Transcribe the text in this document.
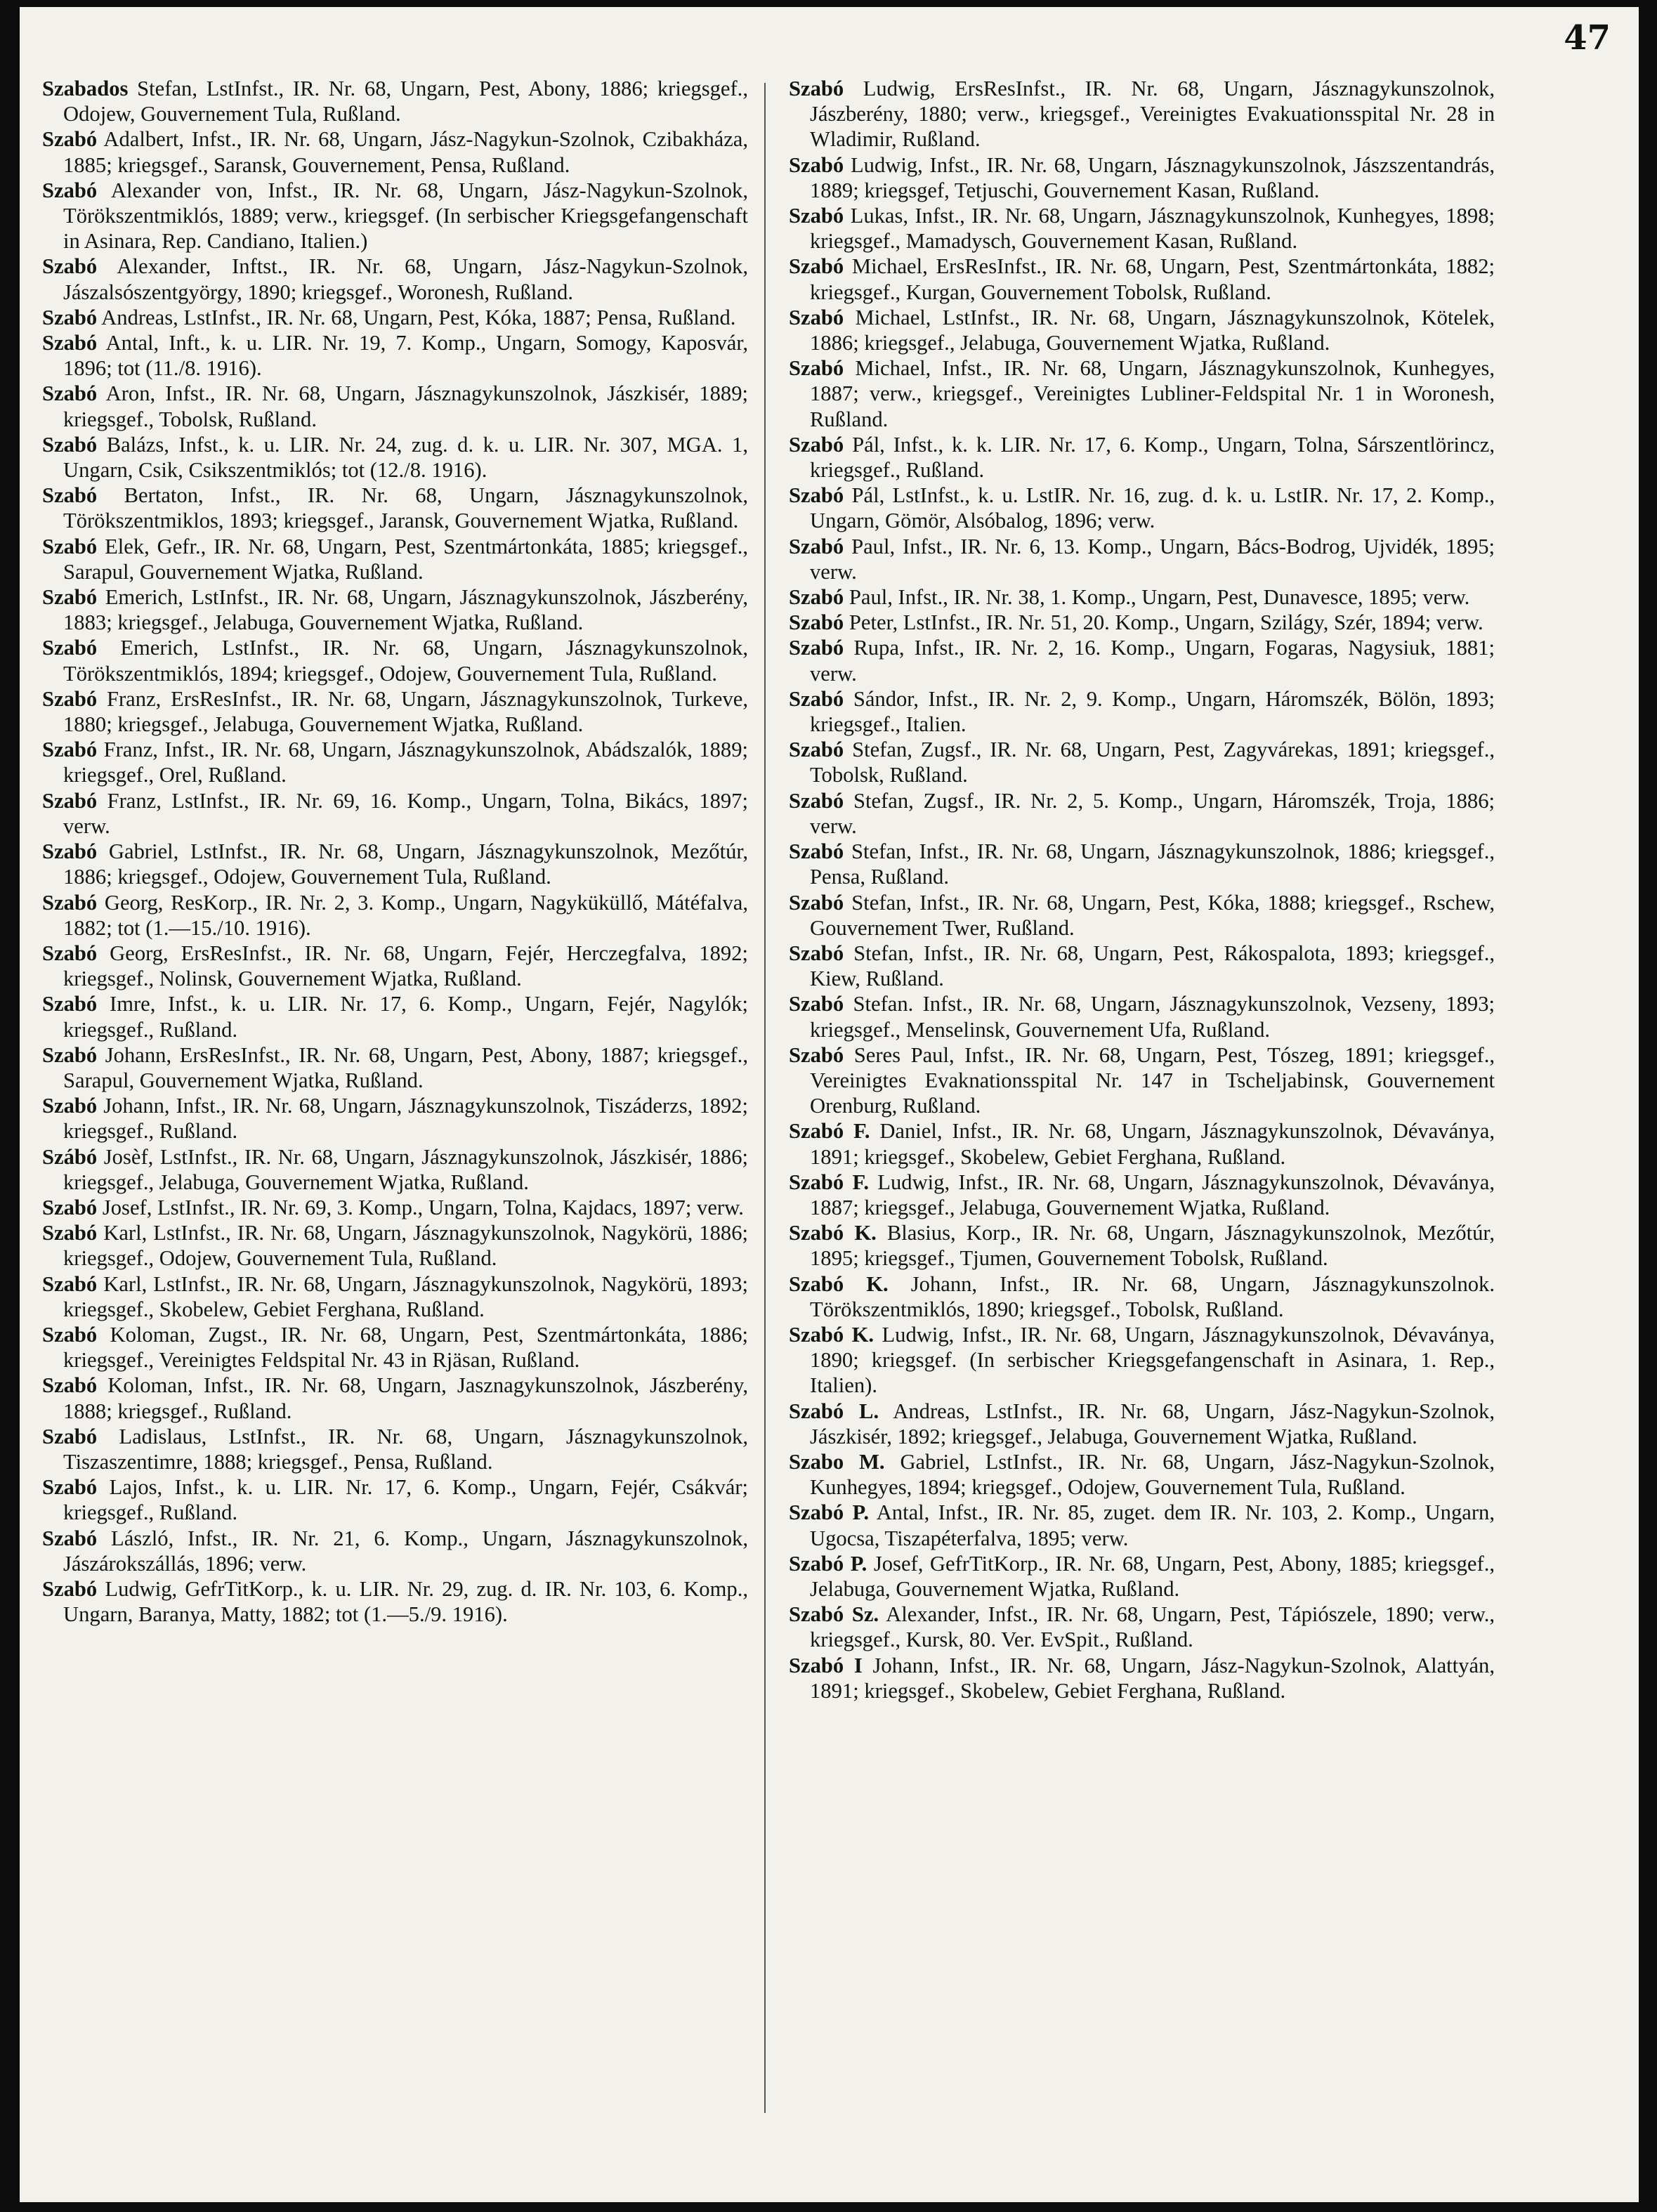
47

Szabados Stefan, LstInfst., IR. Nr. 68, Ungarn, Pest, Abony, 1886; kriegsgef., Odojew, Gouvernement Tula, Rußland.

Szabó Adalbert, Infst., IR. Nr. 68, Ungarn, Jász-Nagykun-Szolnok, Czibakháza, 1885; kriegsgef., Saransk, Gouvernement, Pensa, Rußland.

Szabó Alexander von, Infst., IR. Nr. 68, Ungarn, Jász-Nagykun-Szolnok, Törökszentmiklós, 1889; verw., kriegsgef. (In serbischer Kriegsgefangenschaft in Asinara, Rep. Candiano, Italien.)

Szabó Alexander, Inftst., IR. Nr. 68, Ungarn, Jász-Nagykun-Szolnok, Jászalsószentgyörgy, 1890; kriegsgef., Woronesh, Rußland.

Szabó Andreas, LstInfst., IR. Nr. 68, Ungarn, Pest, Kóka, 1887; Pensa, Rußland.

Szabó Antal, Inft., k. u. LIR. Nr. 19, 7. Komp., Ungarn, Somogy, Kaposvár, 1896; tot (11./8. 1916).

Szabó Aron, Infst., IR. Nr. 68, Ungarn, Jásznagykunszolnok, Jászkisér, 1889; kriegsgef., Tobolsk, Rußland.

Szabó Balázs, Infst., k. u. LIR. Nr. 24, zug. d. k. u. LIR. Nr. 307, MGA. 1, Ungarn, Csik, Csikszentmiklós; tot (12./8. 1916).

Szabó Bertaton, Infst., IR. Nr. 68, Ungarn, Jásznagykunszolnok, Törökszentmiklos, 1893; kriegsgef., Jaransk, Gouvernement Wjatka, Rußland.

Szabó Elek, Gefr., IR. Nr. 68, Ungarn, Pest, Szentmártonkáta, 1885; kriegsgef., Sarapul, Gouvernement Wjatka, Rußland.

Szabó Emerich, LstInfst., IR. Nr. 68, Ungarn, Jásznagykunszolnok, Jászberény, 1883; kriegsgef., Jelabuga, Gouvernement Wjatka, Rußland.

Szabó Emerich, LstInfst., IR. Nr. 68, Ungarn, Jásznagykunszolnok, Törökszentmiklós, 1894; kriegsgef., Odojew, Gouvernement Tula, Rußland.

Szabó Franz, ErsResInfst., IR. Nr. 68, Ungarn, Jásznagykunszolnok, Turkeve, 1880; kriegsgef., Jelabuga, Gouvernement Wjatka, Rußland.

Szabó Franz, Infst., IR. Nr. 68, Ungarn, Jásznagykunszolnok, Abádszalók, 1889; kriegsgef., Orel, Rußland.

Szabó Franz, LstInfst., IR. Nr. 69, 16. Komp., Ungarn, Tolna, Bikács, 1897; verw.

Szabó Gabriel, LstInfst., IR. Nr. 68, Ungarn, Jásznagykunszolnok, Mezőtúr, 1886; kriegsgef., Odojew, Gouvernement Tula, Rußland.

Szabó Georg, ResKorp., IR. Nr. 2, 3. Komp., Ungarn, Nagyküküllő, Mátéfalva, 1882; tot (1.—15./10. 1916).

Szabó Georg, ErsResInfst., IR. Nr. 68, Ungarn, Fejér, Herczegfalva, 1892; kriegsgef., Nolinsk, Gouvernement Wjatka, Rußland.

Szabó Imre, Infst., k. u. LIR. Nr. 17, 6. Komp., Ungarn, Fejér, Nagylók; kriegsgef., Rußland.

Szabó Johann, ErsResInfst., IR. Nr. 68, Ungarn, Pest, Abony, 1887; kriegsgef., Sarapul, Gouvernement Wjatka, Rußland.

Szabó Johann, Infst., IR. Nr. 68, Ungarn, Jásznagykunszolnok, Tiszáderzs, 1892; kriegsgef., Rußland.

Szábó Josèf, LstInfst., IR. Nr. 68, Ungarn, Jásznagykunszolnok, Jászkisér, 1886; kriegsgef., Jelabuga, Gouvernement Wjatka, Rußland.

Szabó Josef, LstInfst., IR. Nr. 69, 3. Komp., Ungarn, Tolna, Kajdacs, 1897; verw.

Szabó Karl, LstInfst., IR. Nr. 68, Ungarn, Jásznagykunszolnok, Nagykörü, 1886; kriegsgef., Odojew, Gouvernement Tula, Rußland.

Szabó Karl, LstInfst., IR. Nr. 68, Ungarn, Jásznagykunszolnok, Nagykörü, 1893; kriegsgef., Skobelew, Gebiet Ferghana, Rußland.

Szabó Koloman, Zugst., IR. Nr. 68, Ungarn, Pest, Szentmártonkáta, 1886; kriegsgef., Vereinigtes Feldspital Nr. 43 in Rjäsan, Rußland.

Szabó Koloman, Infst., IR. Nr. 68, Ungarn, Jasznagykunszolnok, Jászberény, 1888; kriegsgef., Rußland.

Szabó Ladislaus, LstInfst., IR. Nr. 68, Ungarn, Jásznagykunszolnok, Tiszaszentimre, 1888; kriegsgef., Pensa, Rußland.

Szabó Lajos, Infst., k. u. LIR. Nr. 17, 6. Komp., Ungarn, Fejér, Csákvár; kriegsgef., Rußland.

Szabó László, Infst., IR. Nr. 21, 6. Komp., Ungarn, Jásznagykunszolnok, Jászárokszállás, 1896; verw.

Szabó Ludwig, GefrTitKorp., k. u. LIR. Nr. 29, zug. d. IR. Nr. 103, 6. Komp., Ungarn, Baranya, Matty, 1882; tot (1.—5./9. 1916).

Szabó Ludwig, ErsResInfst., IR. Nr. 68, Ungarn, Jásznagykunszolnok, Jászberény, 1880; verw., kriegsgef., Vereinigtes Evakuationsspital Nr. 28 in Wladimir, Rußland.

Szabó Ludwig, Infst., IR. Nr. 68, Ungarn, Jásznagykunszolnok, Jászszentandrás, 1889; kriegsgef, Tetjuschi, Gouvernement Kasan, Rußland.

Szabó Lukas, Infst., IR. Nr. 68, Ungarn, Jásznagykunszolnok, Kunhegyes, 1898; kriegsgef., Mamadysch, Gouvernement Kasan, Rußland.

Szabó Michael, ErsResInfst., IR. Nr. 68, Ungarn, Pest, Szentmártonkáta, 1882; kriegsgef., Kurgan, Gouvernement Tobolsk, Rußland.

Szabó Michael, LstInfst., IR. Nr. 68, Ungarn, Jásznagykunszolnok, Kötelek, 1886; kriegsgef., Jelabuga, Gouvernement Wjatka, Rußland.

Szabó Michael, Infst., IR. Nr. 68, Ungarn, Jásznagykunszolnok, Kunhegyes, 1887; verw., kriegsgef., Vereinigtes Lubliner-Feldspital Nr. 1 in Woronesh, Rußland.

Szabó Pál, Infst., k. k. LIR. Nr. 17, 6. Komp., Ungarn, Tolna, Sárszentlörincz, kriegsgef., Rußland.

Szabó Pál, LstInfst., k. u. LstIR. Nr. 16, zug. d. k. u. LstIR. Nr. 17, 2. Komp., Ungarn, Gömör, Alsóbalog, 1896; verw.

Szabó Paul, Infst., IR. Nr. 6, 13. Komp., Ungarn, Bács-Bodrog, Ujvidék, 1895; verw.

Szabó Paul, Infst., IR. Nr. 38, 1. Komp., Ungarn, Pest, Dunavesce, 1895; verw.

Szabó Peter, LstInfst., IR. Nr. 51, 20. Komp., Ungarn, Szilágy, Szér, 1894; verw.

Szabó Rupa, Infst., IR. Nr. 2, 16. Komp., Ungarn, Fogaras, Nagysiuk, 1881; verw.

Szabó Sándor, Infst., IR. Nr. 2, 9. Komp., Ungarn, Háromszék, Bölön, 1893; kriegsgef., Italien.

Szabó Stefan, Zugsf., IR. Nr. 68, Ungarn, Pest, Zagyvárekas, 1891; kriegsgef., Tobolsk, Rußland.

Szabó Stefan, Zugsf., IR. Nr. 2, 5. Komp., Ungarn, Háromszék, Troja, 1886; verw.

Szabó Stefan, Infst., IR. Nr. 68, Ungarn, Jásznagykunszolnok, 1886; kriegsgef., Pensa, Rußland.

Szabó Stefan, Infst., IR. Nr. 68, Ungarn, Pest, Kóka, 1888; kriegsgef., Rschew, Gouvernement Twer, Rußland.

Szabó Stefan, Infst., IR. Nr. 68, Ungarn, Pest, Rákospalota, 1893; kriegsgef., Kiew, Rußland.

Szabó Stefan. Infst., IR. Nr. 68, Ungarn, Jásznagykunszolnok, Vezseny, 1893; kriegsgef., Menselinsk, Gouvernement Ufa, Rußland.

Szabó Seres Paul, Infst., IR. Nr. 68, Ungarn, Pest, Tószeg, 1891; kriegsgef., Vereinigtes Evaknationsspital Nr. 147 in Tscheljabinsk, Gouvernement Orenburg, Rußland.

Szabó F. Daniel, Infst., IR. Nr. 68, Ungarn, Jásznagykunszolnok, Dévaványa, 1891; kriegsgef., Skobelew, Gebiet Ferghana, Rußland.

Szabó F. Ludwig, Infst., IR. Nr. 68, Ungarn, Jásznagykunszolnok, Dévaványa, 1887; kriegsgef., Jelabuga, Gouvernement Wjatka, Rußland.

Szabó K. Blasius, Korp., IR. Nr. 68, Ungarn, Jásznagykunszolnok, Mezőtúr, 1895; kriegsgef., Tjumen, Gouvernement Tobolsk, Rußland.

Szabó K. Johann, Infst., IR. Nr. 68, Ungarn, Jásznagykunszolnok. Törökszentmiklós, 1890; kriegsgef., Tobolsk, Rußland.

Szabó K. Ludwig, Infst., IR. Nr. 68, Ungarn, Jásznagykunszolnok, Dévaványa, 1890; kriegsgef. (In serbischer Kriegsgefangenschaft in Asinara, 1. Rep., Italien).

Szabó L. Andreas, LstInfst., IR. Nr. 68, Ungarn, Jász-Nagykun-Szolnok, Jászkisér, 1892; kriegsgef., Jelabuga, Gouvernement Wjatka, Rußland.

Szabo M. Gabriel, LstInfst., IR. Nr. 68, Ungarn, Jász-Nagykun-Szolnok, Kunhegyes, 1894; kriegsgef., Odojew, Gouvernement Tula, Rußland.

Szabó P. Antal, Infst., IR. Nr. 85, zuget. dem IR. Nr. 103, 2. Komp., Ungarn, Ugocsa, Tiszapéterfalva, 1895; verw.

Szabó P. Josef, GefrTitKorp., IR. Nr. 68, Ungarn, Pest, Abony, 1885; kriegsgef., Jelabuga, Gouvernement Wjatka, Rußland.

Szabó Sz. Alexander, Infst., IR. Nr. 68, Ungarn, Pest, Tápiószele, 1890; verw., kriegsgef., Kursk, 80. Ver. EvSpit., Rußland.

Szabó I Johann, Infst., IR. Nr. 68, Ungarn, Jász-Nagykun-Szolnok, Alattyán, 1891; kriegsgef., Skobelew, Gebiet Ferghana, Rußland.
